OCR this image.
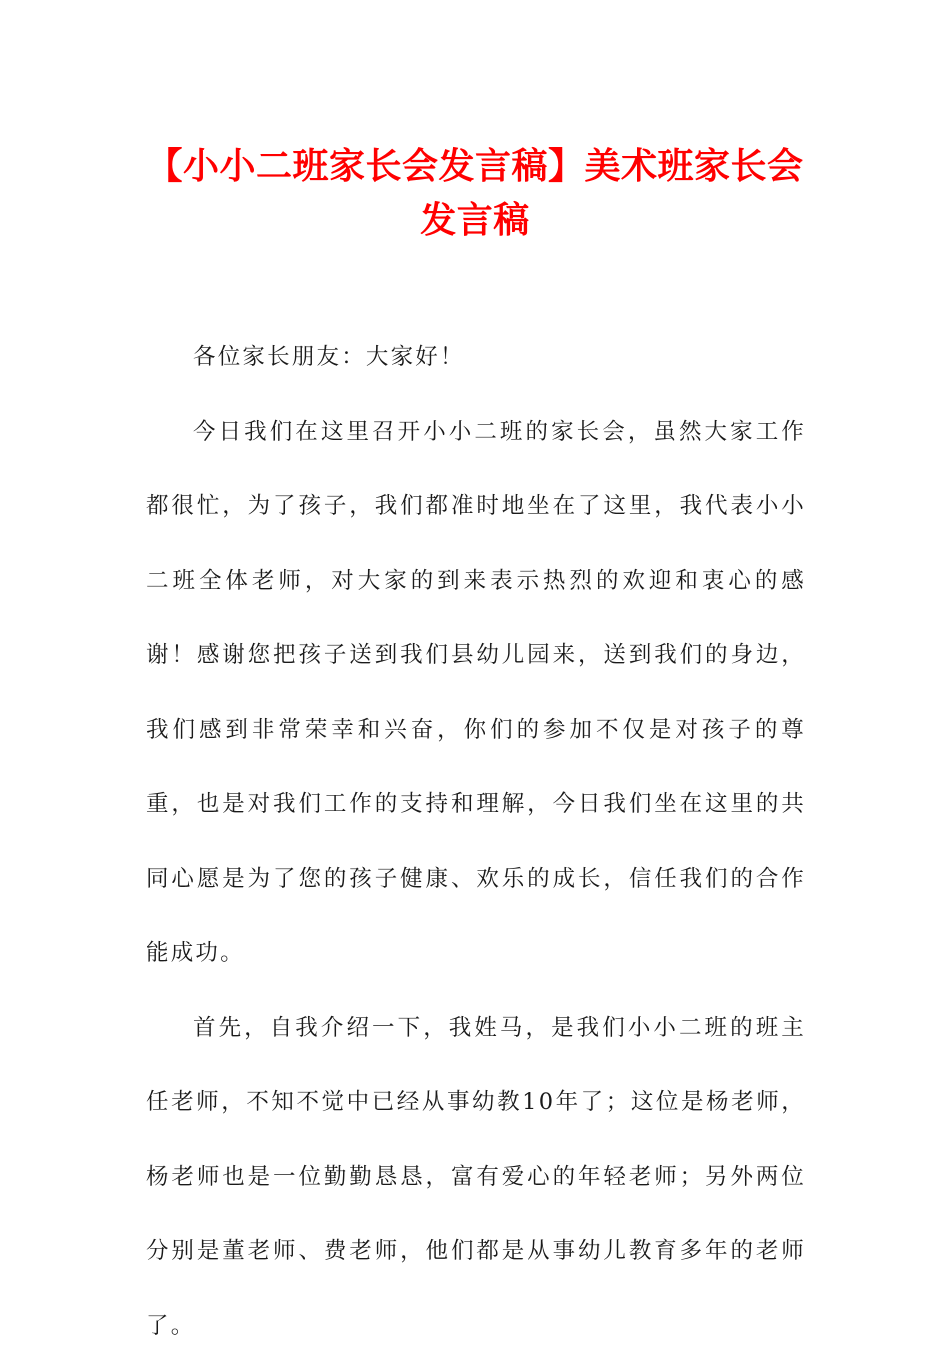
【小小二班家长会发言稿】美术班家长会发言稿

各位家长朋友：大家好！

今日我们在这里召开小小二班的家长会，虽然大家工作都很忙，为了孩子，我们都准时地坐在了这里，我代表小小二班全体老师，对大家的到来表示热烈的欢迎和衷心的感谢！感谢您把孩子送到我们县幼儿园来，送到我们的身边，我们感到非常荣幸和兴奋，你们的参加不仅是对孩子的尊重，也是对我们工作的支持和理解，今日我们坐在这里的共同心愿是为了您的孩子健康、欢乐的成长，信任我们的合作能成功。

首先，自我介绍一下，我姓马，是我们小小二班的班主任老师，不知不觉中已经从事幼教10年了；这位是杨老师，杨老师也是一位勤勤恳恳，富有爱心的年轻老师；另外两位分别是董老师、费老师，他们都是从事幼儿教育多年的老师了。
